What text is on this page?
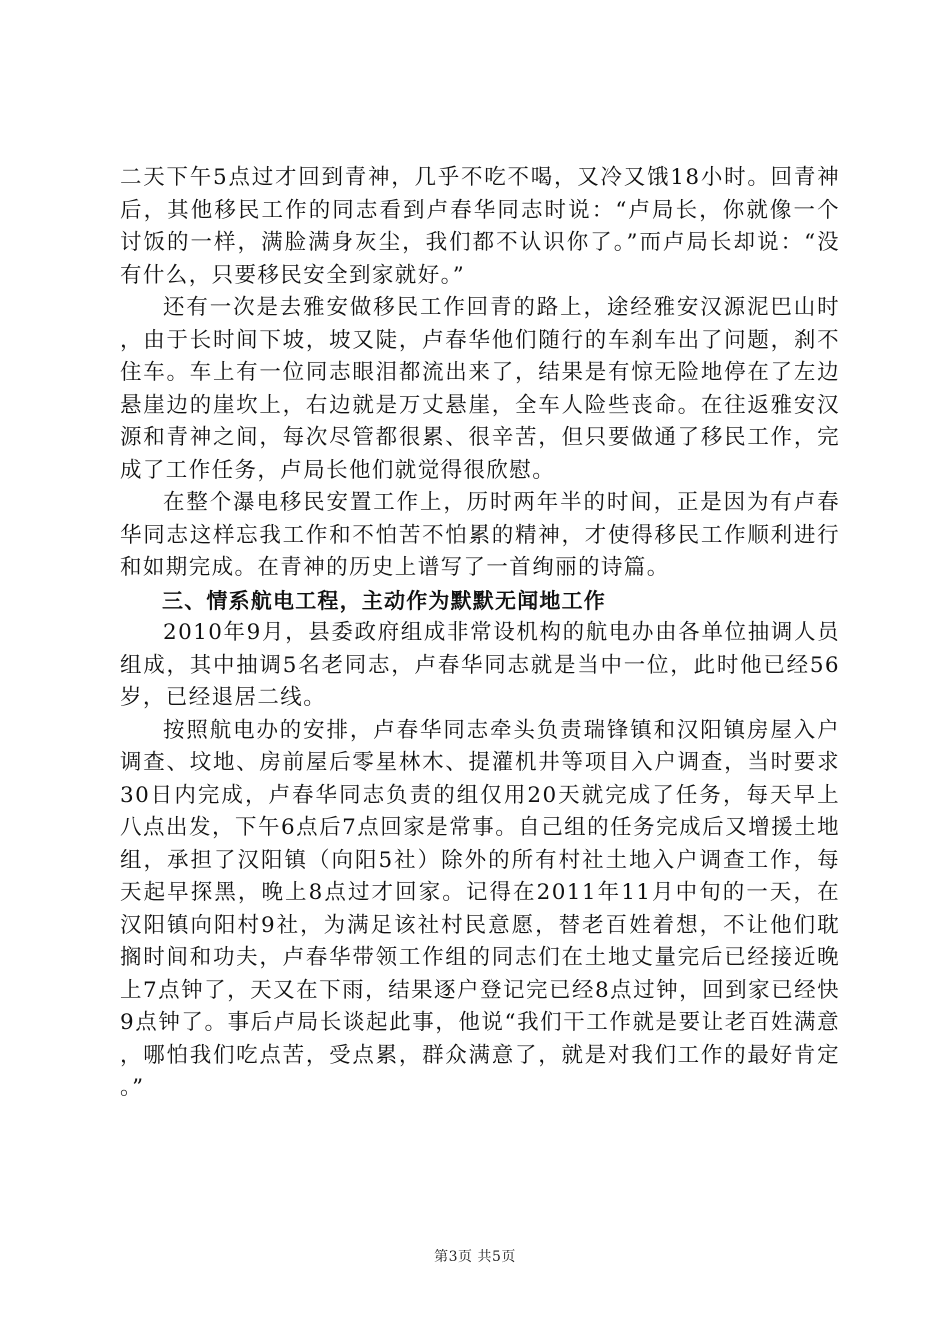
二天下午5点过才回到青神，几乎不吃不喝，又冷又饿18小时。回青神后，其他移民工作的同志看到卢春华同志时说：“卢局长，你就像一个讨饭的一样，满脸满身灰尘，我们都不认识你了。”而卢局长却说：“没有什么，只要移民安全到家就好。”

还有一次是去雅安做移民工作回青的路上，途经雅安汉源泥巴山时，由于长时间下坡，坡又陡，卢春华他们随行的车刹车出了问题，刹不住车。车上有一位同志眼泪都流出来了，结果是有惊无险地停在了左边悬崖边的崖坎上，右边就是万丈悬崖，全车人险些丧命。在往返雅安汉源和青神之间，每次尽管都很累、很辛苦，但只要做通了移民工作，完成了工作任务，卢局长他们就觉得很欣慰。

在整个瀑电移民安置工作上，历时两年半的时间，正是因为有卢春华同志这样忘我工作和不怕苦不怕累的精神，才使得移民工作顺利进行和如期完成。在青神的历史上谱写了一首绚丽的诗篇。

三、情系航电工程，主动作为默默无闻地工作

2010年9月，县委政府组成非常设机构的航电办由各单位抽调人员组成，其中抽调5名老同志，卢春华同志就是当中一位，此时他已经56岁，已经退居二线。

按照航电办的安排，卢春华同志牵头负责瑞锋镇和汉阳镇房屋入户调查、坟地、房前屋后零星林木、提灌机井等项目入户调查，当时要求30日内完成，卢春华同志负责的组仅用20天就完成了任务，每天早上八点出发，下午6点后7点回家是常事。自己组的任务完成后又增援土地组，承担了汉阳镇（向阳5社）除外的所有村社土地入户调查工作，每天起早探黑，晚上8点过才回家。记得在2011年11月中旬的一天，在汉阳镇向阳村9社，为满足该社村民意愿，替老百姓着想，不让他们耽搁时间和功夫，卢春华带领工作组的同志们在土地丈量完后已经接近晚上7点钟了，天又在下雨，结果逐户登记完已经8点过钟，回到家已经快9点钟了。事后卢局长谈起此事，他说“我们干工作就是要让老百姓满意，哪怕我们吃点苦，受点累，群众满意了，就是对我们工作的最好肯定。”

第3页 共5页
